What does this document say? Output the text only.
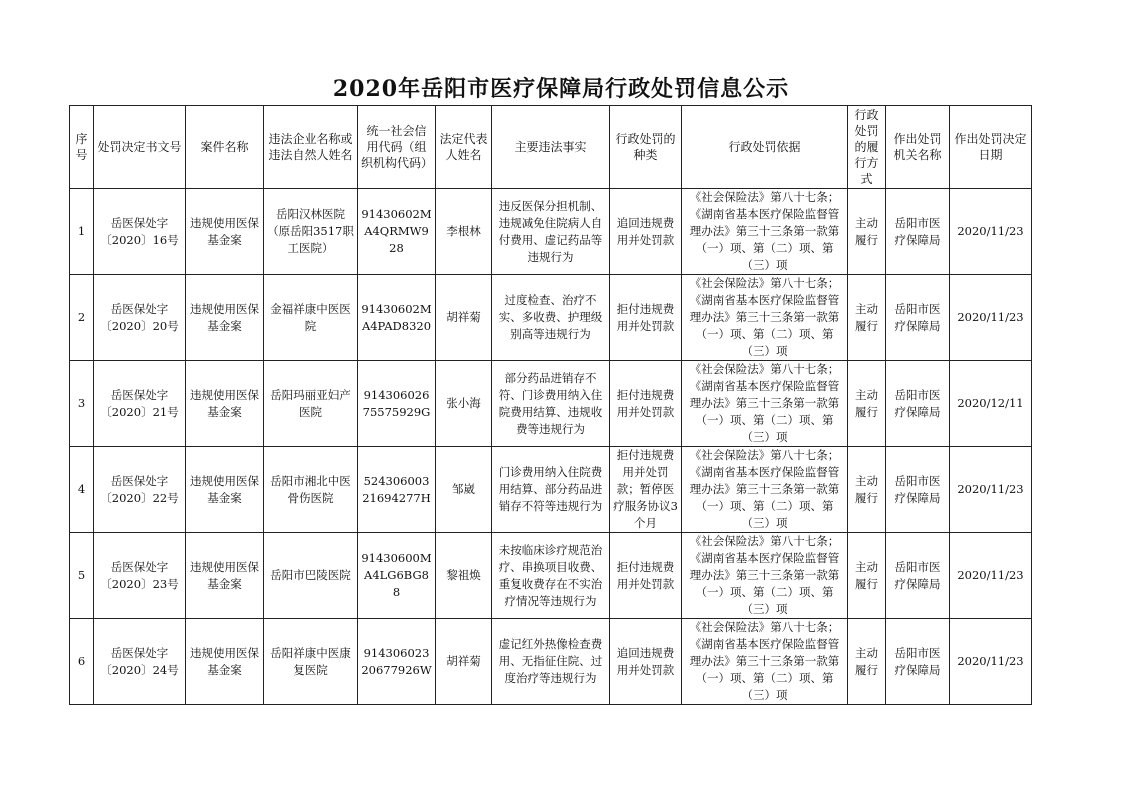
2020年岳阳市医疗保障局行政处罚信息公示
序号	处罚决定书文号	案件名称	违法企业名称或违法自然人姓名	统一社会信用代码（组织机构代码）	法定代表人姓名	主要违法事实	行政处罚的种类	行政处罚依据	行政处罚的履行方式	作出处罚机关名称	作出处罚决定日期
1	岳医保处字〔2020〕16号	违规使用医保基金案	岳阳汉林医院（原岳阳3517职工医院）	91430602MA4QRMW928	李根林	违反医保分担机制、违规减免住院病人自付费用、虚记药品等违规行为	追回违规费用并处罚款	《社会保险法》第八十七条；《湖南省基本医疗保险监督管理办法》第三十三条第一款第（一）项、第（二）项、第（三）项	主动履行	岳阳市医疗保障局	2020/11/23
2	岳医保处字〔2020〕20号	违规使用医保基金案	金福祥康中医医院	91430602MA4PAD8320	胡祥菊	过度检查、治疗不实、多收费、护理级别高等违规行为	拒付违规费用并处罚款	《社会保险法》第八十七条；《湖南省基本医疗保险监督管理办法》第三十三条第一款第（一）项、第（二）项、第（三）项	主动履行	岳阳市医疗保障局	2020/11/23
3	岳医保处字〔2020〕21号	违规使用医保基金案	岳阳玛丽亚妇产医院	91430602675575929G	张小海	部分药品进销存不符、门诊费用纳入住院费用结算、违规收费等违规行为	拒付违规费用并处罚款	《社会保险法》第八十七条；《湖南省基本医疗保险监督管理办法》第三十三条第一款第（一）项、第（二）项、第（三）项	主动履行	岳阳市医疗保障局	2020/12/11
4	岳医保处字〔2020〕22号	违规使用医保基金案	岳阳市湘北中医骨伤医院	52430600321694277H	邹崴	门诊费用纳入住院费用结算、部分药品进销存不符等违规行为	拒付违规费用并处罚款；暂停医疗服务协议3个月	《社会保险法》第八十七条；《湖南省基本医疗保险监督管理办法》第三十三条第一款第（一）项、第（二）项、第（三）项	主动履行	岳阳市医疗保障局	2020/11/23
5	岳医保处字〔2020〕23号	违规使用医保基金案	岳阳市巴陵医院	91430600MA4LG6BG88	黎祖焕	未按临床诊疗规范治疗、串换项目收费、重复收费存在不实治疗情况等违规行为	拒付违规费用并处罚款	《社会保险法》第八十七条；《湖南省基本医疗保险监督管理办法》第三十三条第一款第（一）项、第（二）项、第（三）项	主动履行	岳阳市医疗保障局	2020/11/23
6	岳医保处字〔2020〕24号	违规使用医保基金案	岳阳祥康中医康复医院	91430602320677926W	胡祥菊	虚记红外热像检查费用、无指征住院、过度治疗等违规行为	追回违规费用并处罚款	《社会保险法》第八十七条；《湖南省基本医疗保险监督管理办法》第三十三条第一款第（一）项、第（二）项、第（三）项	主动履行	岳阳市医疗保障局	2020/11/23
